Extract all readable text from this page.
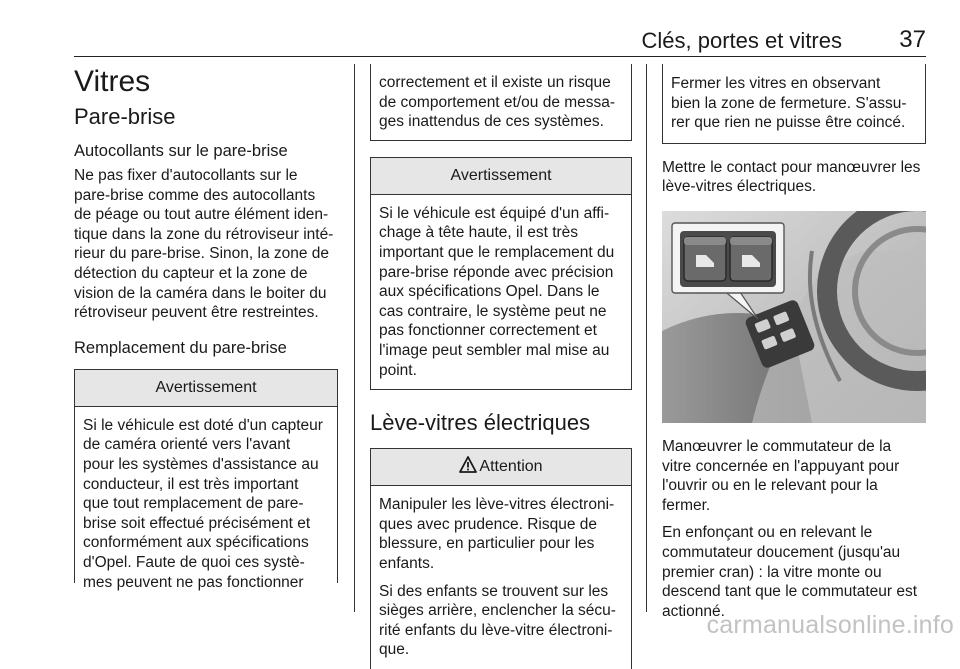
Clés, portes et vitres 37
Vitres
Pare-brise
Autocollants sur le pare-brise

Ne pas fixer d'autocollants sur le
pare-brise comme des autocollants
de péage ou tout autre élément iden-
tique dans la zone du rétroviseur inté-
rieur du pare-brise. Sinon, la zone de
détection du capteur et la zone de
vision de la caméra dans le boiter du
rétroviseur peuvent être restreintes.

Remplacement du pare-brise
Avertissement

Si le véhicule est doté d'un capteur
de caméra orienté vers l'avant
pour les systèmes d'assistance au
conducteur, il est très important
que tout remplacement de pare-
brise soit effectué précisément et
conformément aux spécifications
d'Opel. Faute de quoi ces systè-
mes peuvent ne pas fonctionner

correctement et il existe un risque
de comportement et/ou de messa-
ges inattendus de ces systèmes.

Avertissement

Si le véhicule est équipé d'un affi-
chage à tête haute, il est très
important que le remplacement du
pare-brise réponde avec précision
aux spécifications Opel. Dans le
cas contraire, le système peut ne
pas fonctionner correctement et
l'image peut sembler mal mise au
point.

Lève-vitres électriques
Attention

Manipuler les lève-vitres électroni-
ques avec prudence. Risque de
blessure, en particulier pour les
enfants.

Si des enfants se trouvent sur les
sièges arrière, enclencher la sécu-
rité enfants du lève-vitre électroni-
que.

Fermer les vitres en observant
bien la zone de fermeture. S'assu-
rer que rien ne puisse être coincé.

Mettre le contact pour manœuvrer les
lève-vitres électriques.

Manœuvrer le commutateur de la
vitre concernée en l'appuyant pour
l'ouvrir ou en le relevant pour la
fermer.

En enfonçant ou en relevant le
commutateur doucement (jusqu'au
premier cran) : la vitre monte ou
descend tant que le commutateur est
actionné.

carmanualsonline.info
